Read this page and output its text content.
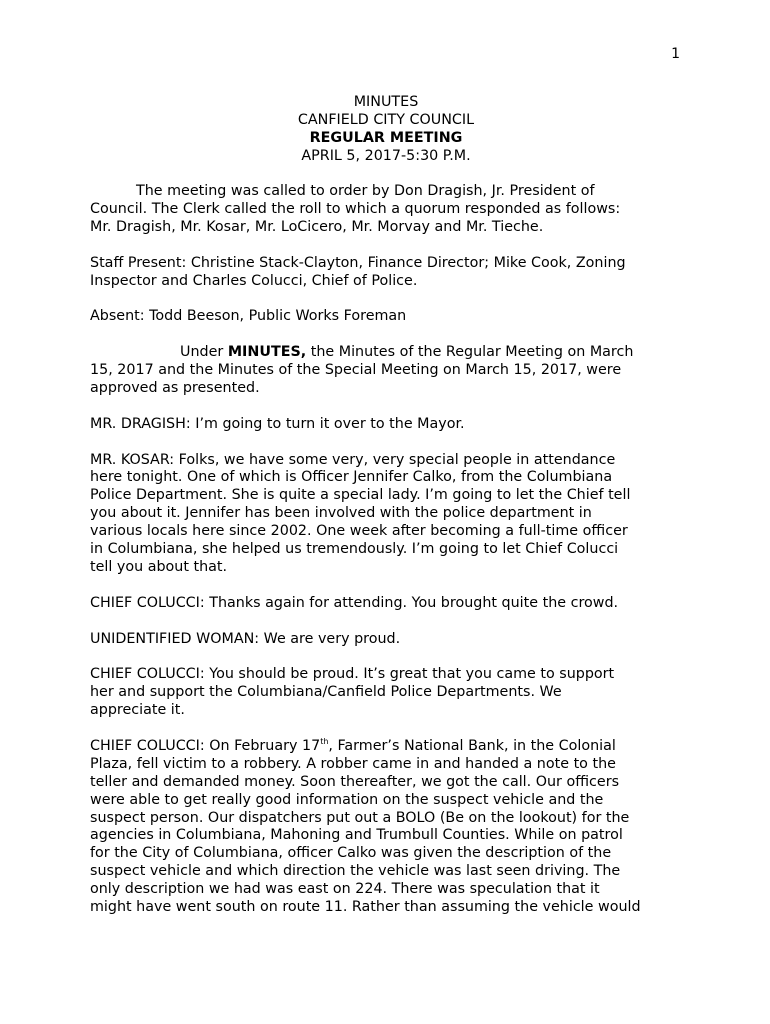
1
MINUTES
CANFIELD CITY COUNCIL
REGULAR MEETING
APRIL 5, 2017-5:30 P.M.

The meeting was called to order by Don Dragish, Jr. President of
Council. The Clerk called the roll to which a quorum responded as follows:
Mr. Dragish, Mr. Kosar, Mr. LoCicero, Mr. Morvay and Mr. Tieche.

Staff Present: Christine Stack-Clayton, Finance Director; Mike Cook, Zoning
Inspector and Charles Colucci, Chief of Police.

Absent: Todd Beeson, Public Works Foreman

Under MINUTES, the Minutes of the Regular Meeting on March
15, 2017 and the Minutes of the Special Meeting on March 15, 2017, were
approved as presented.

MR. DRAGISH: I’m going to turn it over to the Mayor.

MR. KOSAR: Folks, we have some very, very special people in attendance
here tonight. One of which is Officer Jennifer Calko, from the Columbiana
Police Department. She is quite a special lady. I’m going to let the Chief tell
you about it. Jennifer has been involved with the police department in
various locals here since 2002. One week after becoming a full-time officer
in Columbiana, she helped us tremendously. I’m going to let Chief Colucci
tell you about that.

CHIEF COLUCCI: Thanks again for attending. You brought quite the crowd.

UNIDENTIFIED WOMAN: We are very proud.

CHIEF COLUCCI: You should be proud. It’s great that you came to support
her and support the Columbiana/Canfield Police Departments. We
appreciate it.

CHIEF COLUCCI: On February 17th, Farmer’s National Bank, in the Colonial
Plaza, fell victim to a robbery. A robber came in and handed a note to the
teller and demanded money. Soon thereafter, we got the call. Our officers
were able to get really good information on the suspect vehicle and the
suspect person. Our dispatchers put out a BOLO (Be on the lookout) for the
agencies in Columbiana, Mahoning and Trumbull Counties. While on patrol
for the City of Columbiana, officer Calko was given the description of the
suspect vehicle and which direction the vehicle was last seen driving. The
only description we had was east on 224. There was speculation that it
might have went south on route 11. Rather than assuming the vehicle would
